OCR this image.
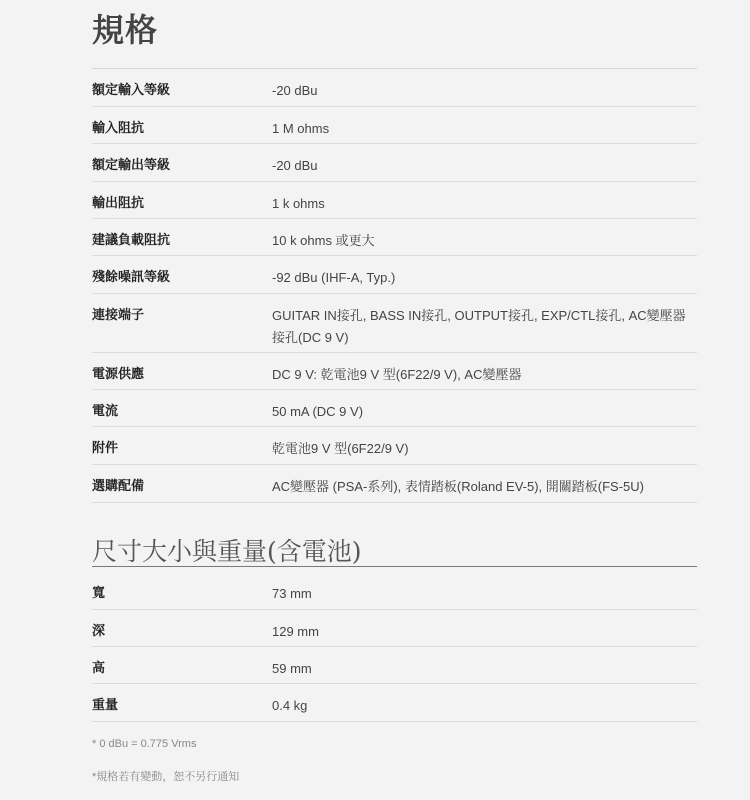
規格
額定輸入等級	-20 dBu
輸入阻抗	1 M ohms
額定輸出等級	-20 dBu
輸出阻抗	1 k ohms
建議負載阻抗	10 k ohms 或更大
殘餘噪訊等級	-92 dBu (IHF-A, Typ.)
連接端子	GUITAR IN接孔, BASS IN接孔, OUTPUT接孔, EXP/CTL接孔, AC變壓器接孔(DC 9 V)
電源供應	DC 9 V: 乾電池9 V 型(6F22/9 V), AC變壓器
電流	50 mA (DC 9 V)
附件	乾電池9 V 型(6F22/9 V)
選購配備	AC變壓器 (PSA-系列), 表情踏板(Roland EV-5), 開關踏板(FS-5U)
尺寸大小與重量(含電池)
寬	73 mm
深	129 mm
高	59 mm
重量	0.4 kg

* 0 dBu = 0.775 Vrms

*規格若有變動，恕不另行通知
